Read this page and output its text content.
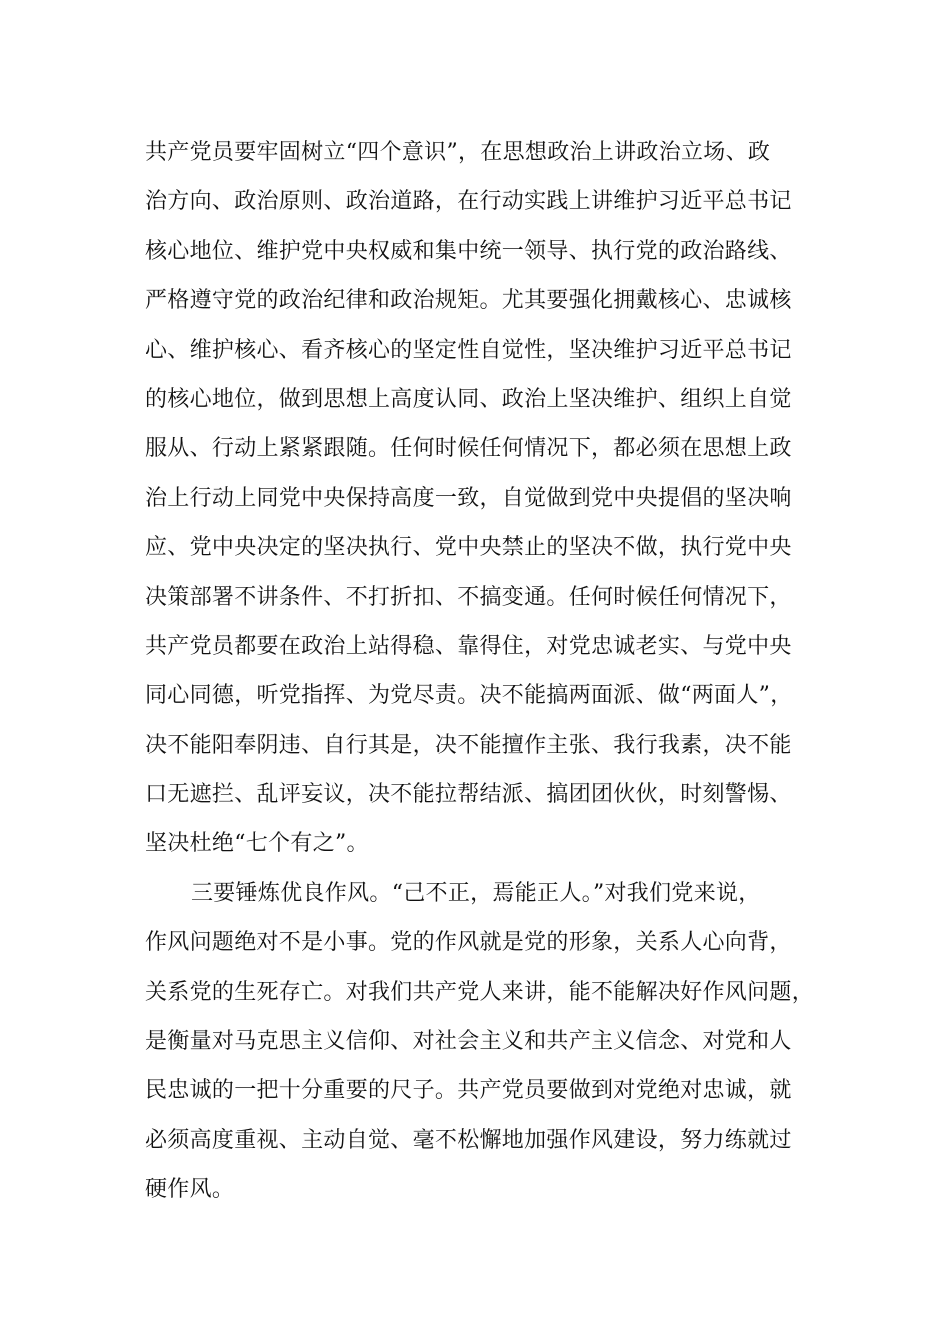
共产党员要牢固树立“四个意识”，在思想政治上讲政治立场、政
治方向、政治原则、政治道路，在行动实践上讲维护习近平总书记
核心地位、维护党中央权威和集中统一领导、执行党的政治路线、
严格遵守党的政治纪律和政治规矩。尤其要强化拥戴核心、忠诚核
心、维护核心、看齐核心的坚定性自觉性，坚决维护习近平总书记
的核心地位，做到思想上高度认同、政治上坚决维护、组织上自觉
服从、行动上紧紧跟随。任何时候任何情况下，都必须在思想上政
治上行动上同党中央保持高度一致，自觉做到党中央提倡的坚决响
应、党中央决定的坚决执行、党中央禁止的坚决不做，执行党中央
决策部署不讲条件、不打折扣、不搞变通。任何时候任何情况下，
共产党员都要在政治上站得稳、靠得住，对党忠诚老实、与党中央
同心同德，听党指挥、为党尽责。决不能搞两面派、做“两面人”，
决不能阳奉阴违、自行其是，决不能擅作主张、我行我素，决不能
口无遮拦、乱评妄议，决不能拉帮结派、搞团团伙伙，时刻警惕、
坚决杜绝“七个有之”。
三要锤炼优良作风。“己不正，焉能正人。”对我们党来说，
作风问题绝对不是小事。党的作风就是党的形象，关系人心向背，
关系党的生死存亡。对我们共产党人来讲，能不能解决好作风问题，
是衡量对马克思主义信仰、对社会主义和共产主义信念、对党和人
民忠诚的一把十分重要的尺子。共产党员要做到对党绝对忠诚，就
必须高度重视、主动自觉、毫不松懈地加强作风建设，努力练就过
硬作风。
